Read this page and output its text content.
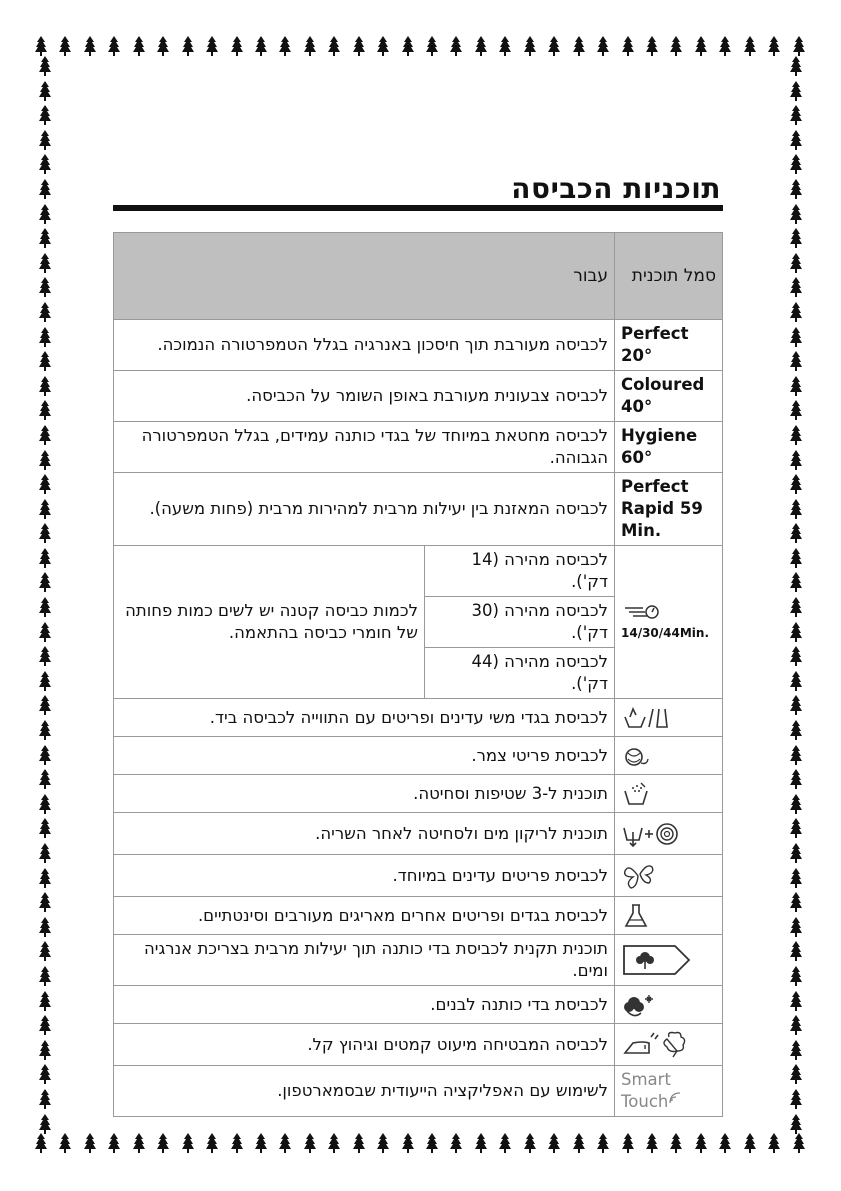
תוכניות הכביסה
סמל תוכנית	עבור	
Perfect 20°	לכביסה מעורבת תוך חיסכון באנרגיה בגלל הטמפרטורה הנמוכה.	
Coloured 40°	לכביסה צבעונית מעורבת באופן השומר על הכביסה.	
Hygiene 60°	לכביסה מחטאת במיוחד של בגדי כותנה עמידים, בגלל הטמפרטורה הגבוהה.	
Perfect Rapid 59 Min.	לכביסה המאזנת בין יעילות מרבית למהירות מרבית (פחות משעה).	

14/30/44Min.	לכביסה מהירה (14 דק').	לכמות כביסה קטנה יש לשים כמות פחותה של חומרי כביסה בהתאמה.
	לכביסה מהירה (30 דק').	
	לכביסה מהירה (44 דק').	
	לכביסת בגדי משי עדינים ופריטים עם התווייה לכביסה ביד.	
	לכביסת פריטי צמר.	
	תוכנית ל-3 שטיפות וסחיטה.	
	תוכנית לריקון מים ולסחיטה לאחר השריה.	
	לכביסת פריטים עדינים במיוחד.	
	לכביסת בגדים ופריטים אחרים מאריגים מעורבים וסינטתיים.	
	תוכנית תקנית לכביסת בדי כותנה תוך יעילות מרבית בצריכת אנרגיה ומים.	
	לכביסת בדי כותנה לבנים.	
	לכביסה המבטיחה מיעוט קמטים וגיהוץ קל.	
Smart Touch	לשימוש עם האפליקציה הייעודית שבסמארטפון.	
